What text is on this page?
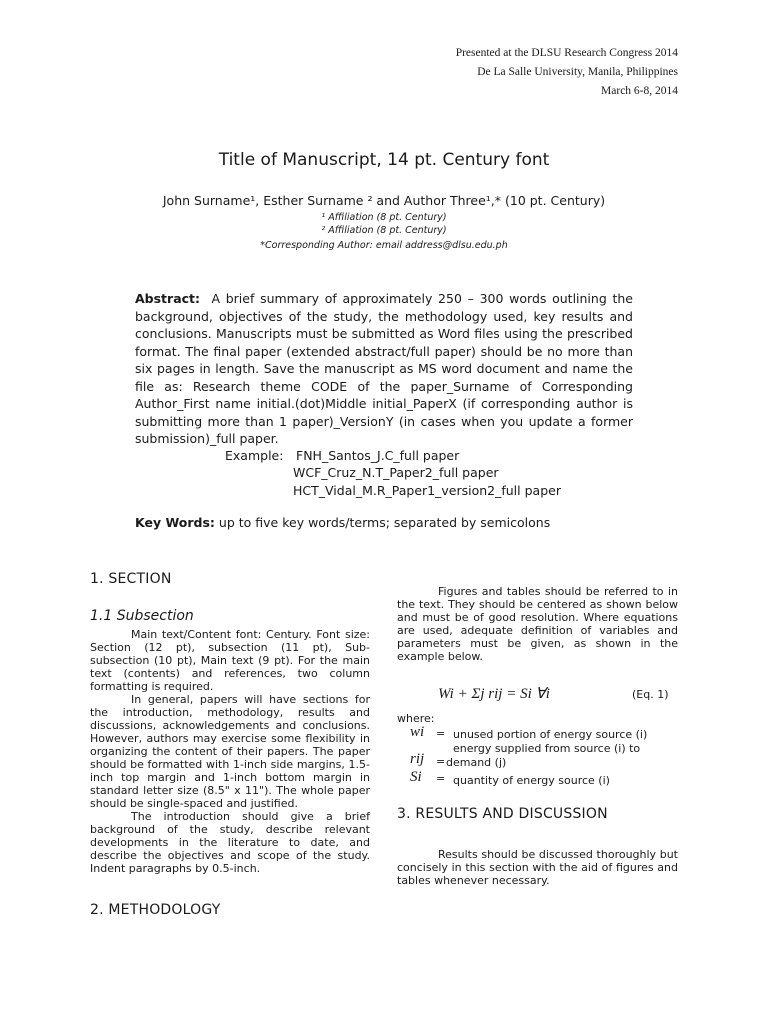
Presented at the DLSU Research Congress 2014
De La Salle University, Manila, Philippines
March 6-8, 2014
Title of Manuscript, 14 pt. Century font
John Surname¹, Esther Surname ² and Author Three¹,* (10 pt. Century)
¹ Affiliation (8 pt. Century)
² Affiliation (8 pt. Century)
*Corresponding Author: email address@dlsu.edu.ph
Abstract: A brief summary of approximately 250 – 300 words outlining the background, objectives of the study, the methodology used, key results and conclusions. Manuscripts must be submitted as Word files using the prescribed format. The final paper (extended abstract/full paper) should be no more than six pages in length. Save the manuscript as MS word document and name the file as: Research theme CODE of the paper_Surname of Corresponding Author_First name initial.(dot)Middle initial_PaperX (if corresponding author is submitting more than 1 paper)_VersionY (in cases when you update a former submission)_full paper.
Example: FNH_Santos_J.C_full paper
WCF_Cruz_N.T_Paper2_full paper
HCT_Vidal_M.R_Paper1_version2_full paper
Key Words: up to five key words/terms; separated by semicolons
1. SECTION
1.1 Subsection

Main text/Content font: Century. Font size: Section (12 pt), subsection (11 pt), Sub-subsection (10 pt), Main text (9 pt). For the main text (contents) and references, two column formatting is required.

In general, papers will have sections for the introduction, methodology, results and discussions, acknowledgements and conclusions. However, authors may exercise some flexibility in organizing the content of their papers. The paper should be formatted with 1-inch side margins, 1.5-inch top margin and 1-inch bottom margin in standard letter size (8.5" x 11"). The whole paper should be single-spaced and justified.

The introduction should give a brief background of the study, describe relevant developments in the literature to date, and describe the objectives and scope of the study. Indent paragraphs by 0.5-inch.

2. METHODOLOGY

Figures and tables should be referred to in the text. They should be centered as shown below and must be of good resolution. Where equations are used, adequate definition of variables and parameters must be given, as shown in the example below.

Wi + Σj rij = Si ∀i	(Eq. 1)
where:
wi = unused portion of energy source (i)
energy supplied from source (i) to
rij = demand (j)
Si = quantity of energy source (i)
3. RESULTS AND DISCUSSION

Results should be discussed thoroughly but concisely in this section with the aid of figures and tables whenever necessary.
